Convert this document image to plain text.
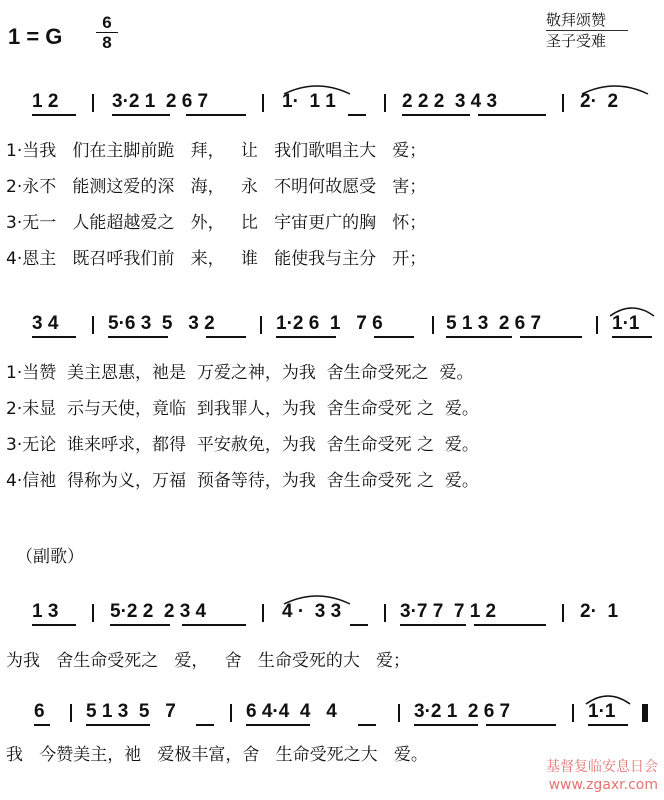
1 = G
6
8
敬拜颂赞
圣子受难
1 2	3·2 1  2 6 7	1·  1 1	2 2 2  3 4 3	2·  2
1·当我   们在主脚前跪   拜，   让   我们歌唱主大   爱；
2·永不   能测这爱的深   海，   永   不明何故愿受   害；
3·无一   人能超越爱之   外，   比   宇宙更广的胸   怀；
4·恩主   既召呼我们前   来，   谁   能使我与主分   开；
3 4	5·6 3  5   3 2	1·2 6  1   7 6	5 1 3  2 6 7	1·1
1·当赞  美主恩惠，祂是  万爱之神，为我  舍生命受死之  爱。
2·未显  示与天使，竟临  到我罪人，为我  舍生命受死 之  爱。
3·无论  谁来呼求，都得  平安赦免，为我  舍生命受死 之  爱。
4·信祂  得称为义，万福  预备等待，为我  舍生命受死 之  爱。
（副歌）
1 3	5·2 2  2 3 4	4 ·  3 3	3·7 7  7 1 2	2·  1
为我   舍生命受死之   爱，   舍   生命受死的大   爱；
6 5 1 3  5   7	6 4·4  4   4	3·2 1  2 6 7	1·1
我   今赞美主，祂   爱极丰富，舍   生命受死之大   爱。
基督复临安息日会
www.zgaxr.com
